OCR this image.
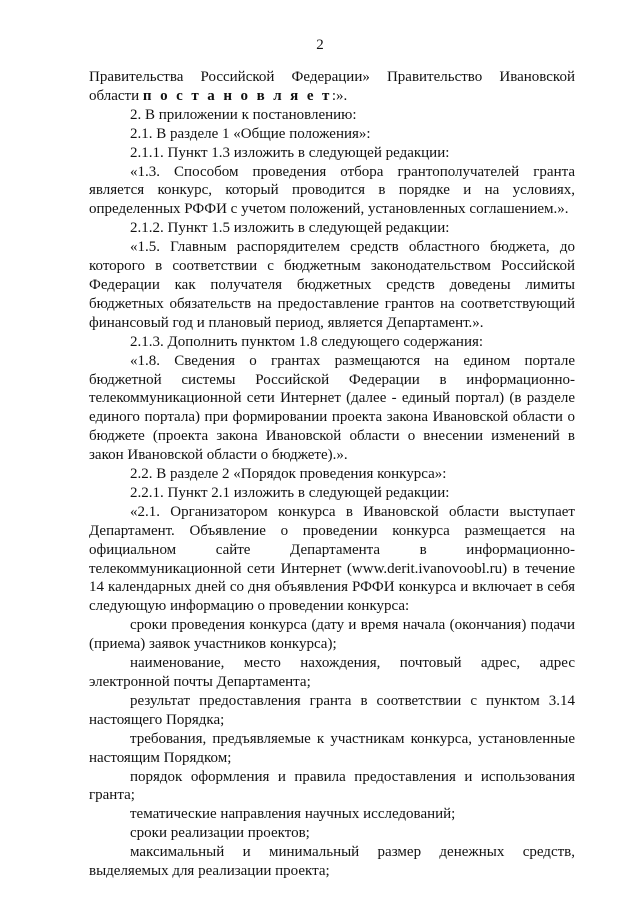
2

Правительства Российской Федерации» Правительство Ивановской области п о с т а н о в л я е т:».

2. В приложении к постановлению:

2.1. В разделе 1 «Общие положения»:

2.1.1. Пункт 1.3 изложить в следующей редакции:

«1.3. Способом проведения отбора грантополучателей гранта является конкурс, который проводится в порядке и на условиях, определенных РФФИ с учетом положений, установленных соглашением.».

2.1.2. Пункт 1.5 изложить в следующей редакции:

«1.5. Главным распорядителем средств областного бюджета, до которого в соответствии с бюджетным законодательством Российской Федерации как получателя бюджетных средств доведены лимиты бюджетных обязательств на предоставление грантов на соответствующий финансовый год и плановый период, является Департамент.».

2.1.3. Дополнить пунктом 1.8 следующего содержания:

«1.8. Сведения о грантах размещаются на едином портале бюджетной системы Российской Федерации в информационно-телекоммуникационной сети Интернет (далее - единый портал) (в разделе единого портала) при формировании проекта закона Ивановской области о бюджете (проекта закона Ивановской области о внесении изменений в закон Ивановской области о бюджете).».

2.2. В разделе 2 «Порядок проведения конкурса»:

2.2.1. Пункт 2.1 изложить в следующей редакции:

«2.1. Организатором конкурса в Ивановской области выступает Департамент. Объявление о проведении конкурса размещается на официальном сайте Департамента в информационно-телекоммуникационной сети Интернет (www.derit.ivanovoobl.ru) в течение 14 календарных дней со дня объявления РФФИ конкурса и включает в себя следующую информацию о проведении конкурса:

сроки проведения конкурса (дату и время начала (окончания) подачи (приема) заявок участников конкурса);

наименование, место нахождения, почтовый адрес, адрес электронной почты Департамента;

результат предоставления гранта в соответствии с пунктом 3.14 настоящего Порядка;

требования, предъявляемые к участникам конкурса, установленные настоящим Порядком;

порядок оформления и правила предоставления и использования гранта;

тематические направления научных исследований;

сроки реализации проектов;

максимальный и минимальный размер денежных средств, выделяемых для реализации проекта;
